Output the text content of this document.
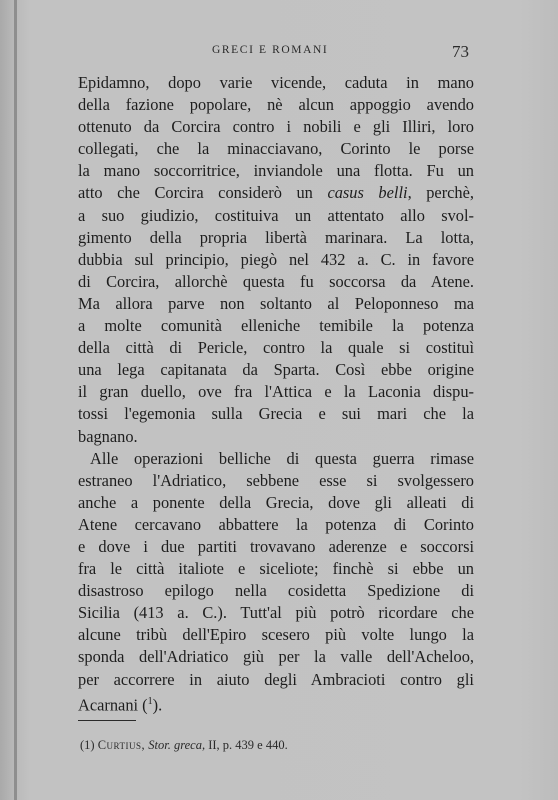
GRECI E ROMANI	73
Epidamno, dopo varie vicende, caduta in mano
della fazione popolare, nè alcun appoggio avendo
ottenuto da Corcira contro i nobili e gli Illiri, loro
collegati, che la minacciavano, Corinto le porse
la mano soccorritrice, inviandole una flotta. Fu un
atto che Corcira considerò un casus belli, perchè,
a suo giudizio, costituiva un attentato allo svol-
gimento della propria libertà marinara. La lotta,
dubbia sul principio, piegò nel 432 a. C. in favore
di Corcira, allorchè questa fu soccorsa da Atene.
Ma allora parve non soltanto al Peloponneso ma
a molte comunità elleniche temibile la potenza
della città di Pericle, contro la quale si costituì
una lega capitanata da Sparta. Così ebbe origine
il gran duello, ove fra l'Attica e la Laconia dispu-
tossi l'egemonia sulla Grecia e sui mari che la
bagnano.
Alle operazioni belliche di questa guerra rimase
estraneo l'Adriatico, sebbene esse si svolgessero
anche a ponente della Grecia, dove gli alleati di
Atene cercavano abbattere la potenza di Corinto
e dove i due partiti trovavano aderenze e soccorsi
fra le città italiote e siceliote; finchè si ebbe un
disastroso epilogo nella cosidetta Spedizione di
Sicilia (413 a. C.). Tutt'al più potrò ricordare che
alcune tribù dell'Epiro scesero più volte lungo la
sponda dell'Adriatico giù per la valle dell'Acheloo,
per accorrere in aiuto degli Ambracioti contro gli
Acarnani ($^1$).
(1) Curtius, Stor. greca, II, p. 439 e 440.
